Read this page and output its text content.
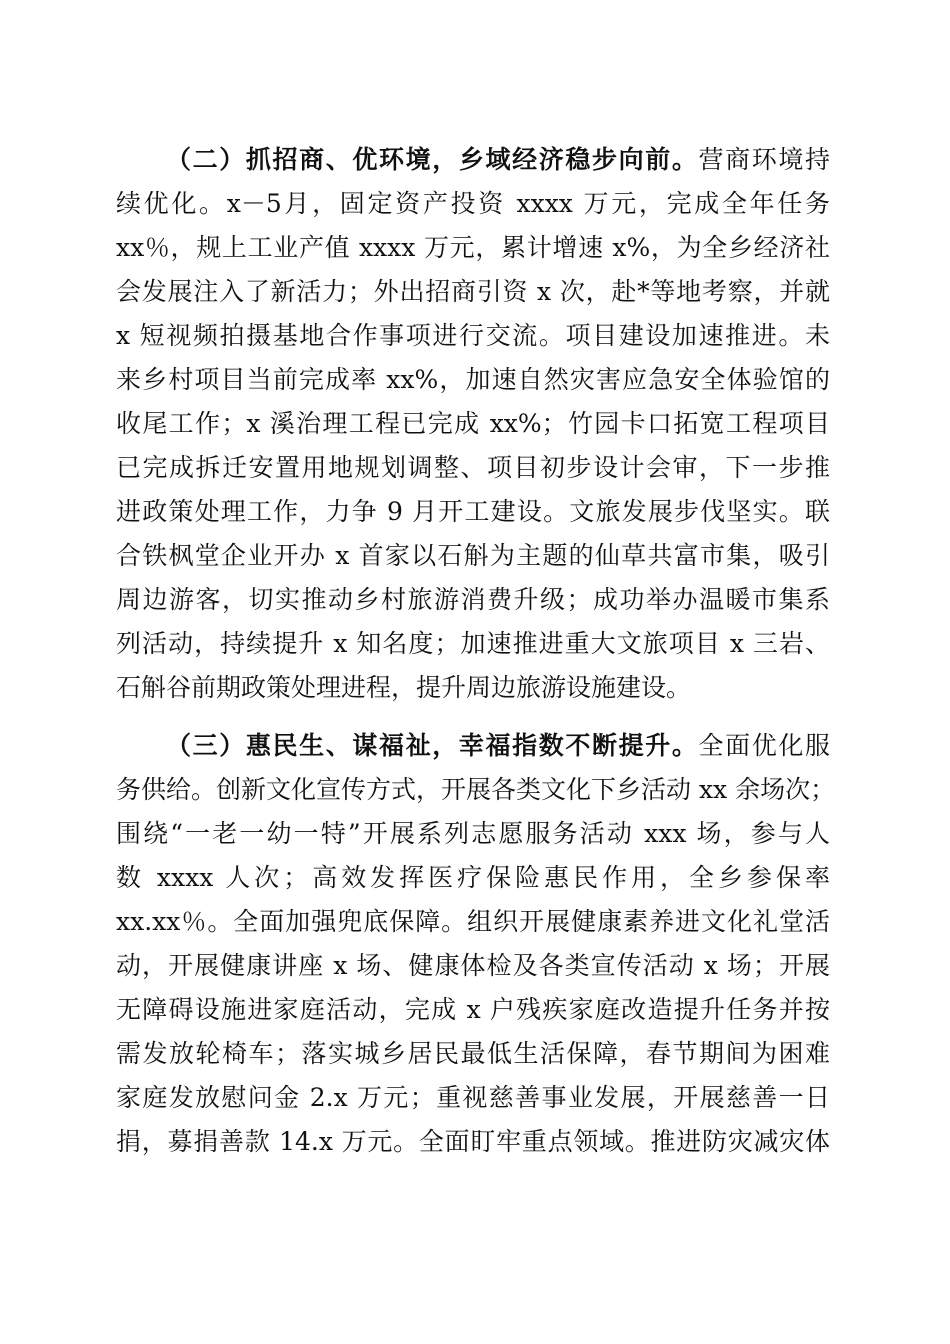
（二）抓招商、优环境，乡域经济稳步向前。营商环境持
续优化。x－5月，固定资产投资 xxxx 万元，完成全年任务
xx％，规上工业产值 xxxx 万元，累计增速 x%，为全乡经济社
会发展注入了新活力；外出招商引资 x 次，赴*等地考察，并就
x 短视频拍摄基地合作事项进行交流。项目建设加速推进。未
来乡村项目当前完成率 xx%，加速自然灾害应急安全体验馆的
收尾工作；x 溪治理工程已完成 xx%；竹园卡口拓宽工程项目
已完成拆迁安置用地规划调整、项目初步设计会审，下一步推
进政策处理工作，力争 9 月开工建设。文旅发展步伐坚实。联
合铁枫堂企业开办 x 首家以石斛为主题的仙草共富市集，吸引
周边游客，切实推动乡村旅游消费升级；成功举办温暖市集系
列活动，持续提升 x 知名度；加速推进重大文旅项目 x 三岩、
石斛谷前期政策处理进程，提升周边旅游设施建设。
（三）惠民生、谋福祉，幸福指数不断提升。全面优化服
务供给。创新文化宣传方式，开展各类文化下乡活动 xx 余场次；
围绕“一老一幼一特”开展系列志愿服务活动 xxx 场，参与人
数 xxxx 人次；高效发挥医疗保险惠民作用，全乡参保率
xx.xx％。全面加强兜底保障。组织开展健康素养进文化礼堂活
动，开展健康讲座 x 场、健康体检及各类宣传活动 x 场；开展
无障碍设施进家庭活动，完成 x 户残疾家庭改造提升任务并按
需发放轮椅车；落实城乡居民最低生活保障，春节期间为困难
家庭发放慰问金 2.x 万元；重视慈善事业发展，开展慈善一日
捐，募捐善款 14.x 万元。全面盯牢重点领域。推进防灾减灾体
